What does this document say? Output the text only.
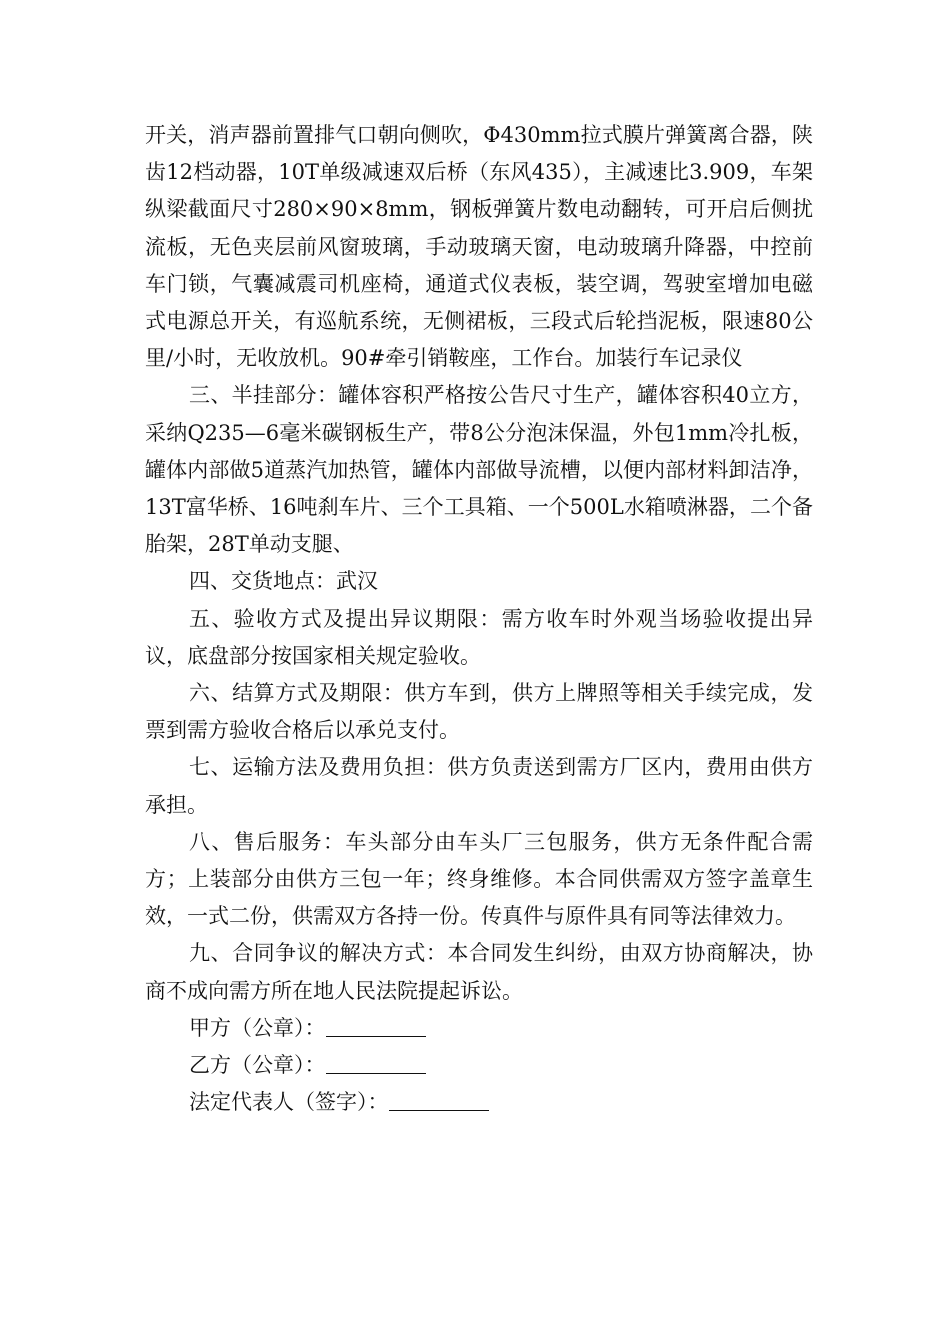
开关，消声器前置排气口朝向侧吹，Φ430mm拉式膜片弹簧离合器，陕齿12档动器，10T单级减速双后桥（东风435），主减速比3.909，车架纵梁截面尺寸280×90×8mm，钢板弹簧片数电动翻转，可开启后侧扰流板，无色夹层前风窗玻璃，手动玻璃天窗，电动玻璃升降器，中控前车门锁，气囊减震司机座椅，通道式仪表板，装空调，驾驶室增加电磁式电源总开关，有巡航系统，无侧裙板，三段式后轮挡泥板，限速80公里/小时，无收放机。90#牵引销鞍座，工作台。加装行车记录仪

三、半挂部分：罐体容积严格按公告尺寸生产，罐体容积40立方，采纳Q235—6毫米碳钢板生产，带8公分泡沫保温，外包1mm冷扎板，罐体内部做5道蒸汽加热管，罐体内部做导流槽，以便内部材料卸洁净，13T富华桥、16吨刹车片、三个工具箱、一个500L水箱喷淋器，二个备胎架，28T单动支腿、

四、交货地点：武汉

五、验收方式及提出异议期限：需方收车时外观当场验收提出异议，底盘部分按国家相关规定验收。

六、结算方式及期限：供方车到，供方上牌照等相关手续完成，发票到需方验收合格后以承兑支付。

七、运输方法及费用负担：供方负责送到需方厂区内，费用由供方承担。

八、售后服务：车头部分由车头厂三包服务，供方无条件配合需方；上装部分由供方三包一年；终身维修。本合同供需双方签字盖章生效，一式二份，供需双方各持一份。传真件与原件具有同等法律效力。

九、合同争议的解决方式：本合同发生纠纷，由双方协商解决，协商不成向需方所在地人民法院提起诉讼。

甲方（公章）：
乙方（公章）：
法定代表人（签字）：
